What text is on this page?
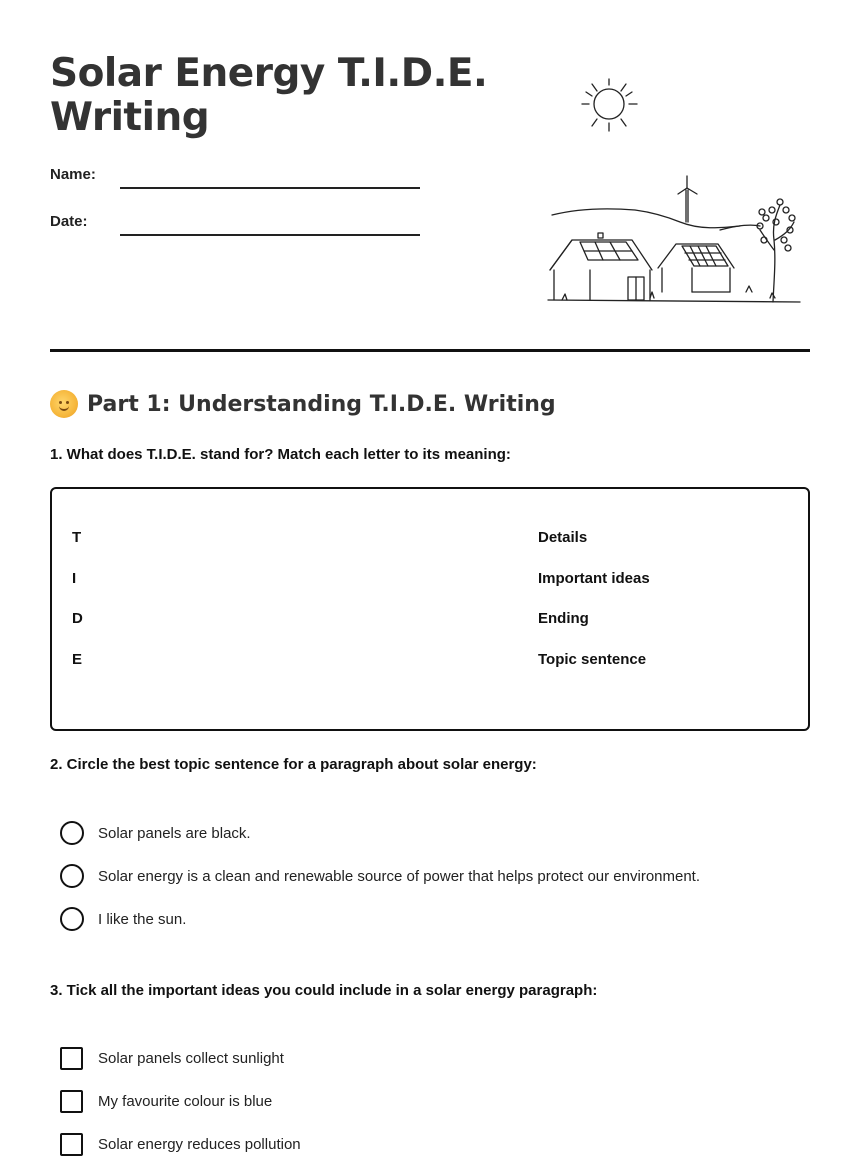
Solar Energy T.I.D.E. Writing
Name:
Date:
Part 1: Understanding T.I.D.E. Writing
1. What does T.I.D.E. stand for? Match each letter to its meaning:
T	Details
I	Important ideas
D	Ending
E	Topic sentence
2. Circle the best topic sentence for a paragraph about solar energy:
Solar panels are black.
Solar energy is a clean and renewable source of power that helps protect our environment.
I like the sun.
3. Tick all the important ideas you could include in a solar energy paragraph:
Solar panels collect sunlight
My favourite colour is blue
Solar energy reduces pollution
